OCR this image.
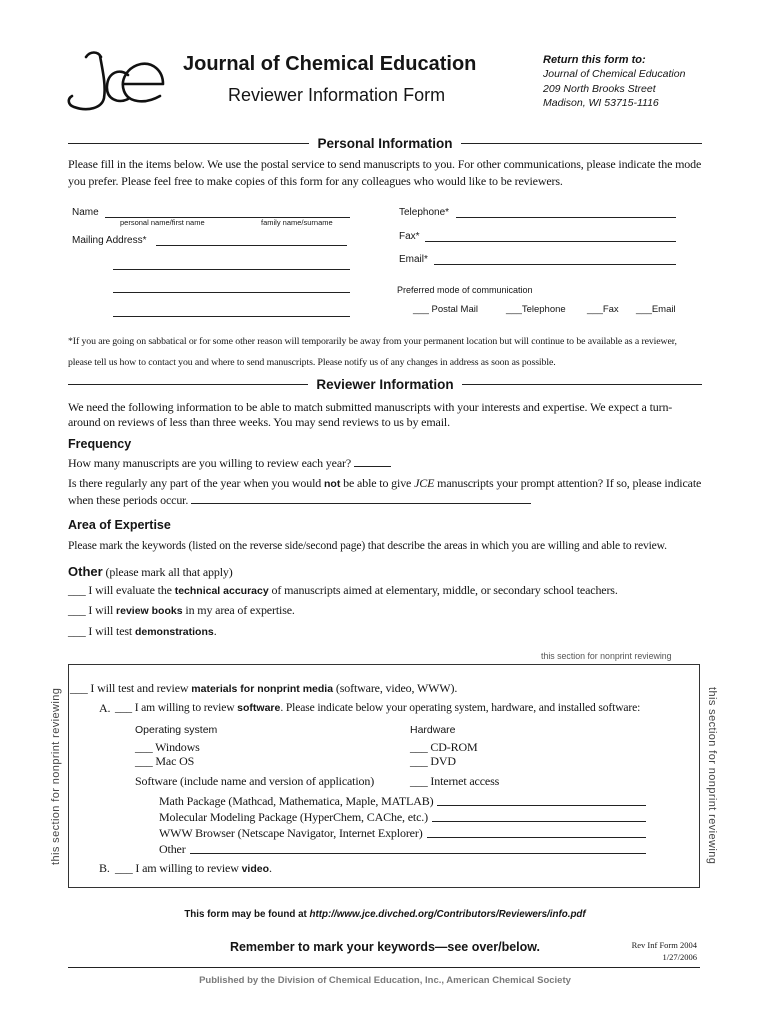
Journal of Chemical Education
Reviewer Information Form
Return this form to:
Journal of Chemical Education
209 North Brooks Street
Madison, WI 53715-1116
Personal Information
Please fill in the items below. We use the postal service to send manuscripts to you. For other communications, please indicate the mode you prefer. Please feel free to make copies of this form for any colleagues who would like to be reviewers.
Name
personal name/first name	family name/surname
Mailing Address*
Telephone*
Fax*
Email*
Preferred mode of communication
___ Postal Mail	___Telephone ___Fax ___Email
*If you are going on sabbatical or for some other reason will temporarily be away from your permanent location but will continue to be available as a reviewer, please tell us how to contact you and where to send manuscripts. Please notify us of any changes in address as soon as possible.
Reviewer Information
We need the following information to be able to match submitted manuscripts with your interests and expertise. We expect a turn-around on reviews of less than three weeks. You may send reviews to us by email.
Frequency
How many manuscripts are you willing to review each year?
Is there regularly any part of the year when you would not be able to give JCE manuscripts your prompt attention? If so, please indicate when these periods occur.
Area of Expertise
Please mark the keywords (listed on the reverse side/second page) that describe the areas in which you are willing and able to review.
Other (please mark all that apply)
___ I will evaluate the technical accuracy of manuscripts aimed at elementary, middle, or secondary school teachers.
___ I will review books in my area of expertise.
___ I will test demonstrations.
this section for nonprint reviewing
this section for nonprint reviewing	this section for nonprint reviewing
___ I will test and review materials for nonprint media (software, video, WWW).
A. ___ I am willing to review software. Please indicate below your operating system, hardware, and installed software:
Operating system	Hardware
___ Windows	___ CD-ROM
___ Mac OS	___ DVD
Software (include name and version of application)	___ Internet access
Math Package (Mathcad, Mathematica, Maple, MATLAB)
Molecular Modeling Package (HyperChem, CAChe, etc.)
WWW Browser (Netscape Navigator, Internet Explorer)
Other
B. ___ I am willing to review video.
This form may be found at http://www.jce.divched.org/Contributors/Reviewers/info.pdf
Remember to mark your keywords—see over/below.	Rev Inf Form 2004
1/27/2006
Published by the Division of Chemical Education, Inc., American Chemical Society
